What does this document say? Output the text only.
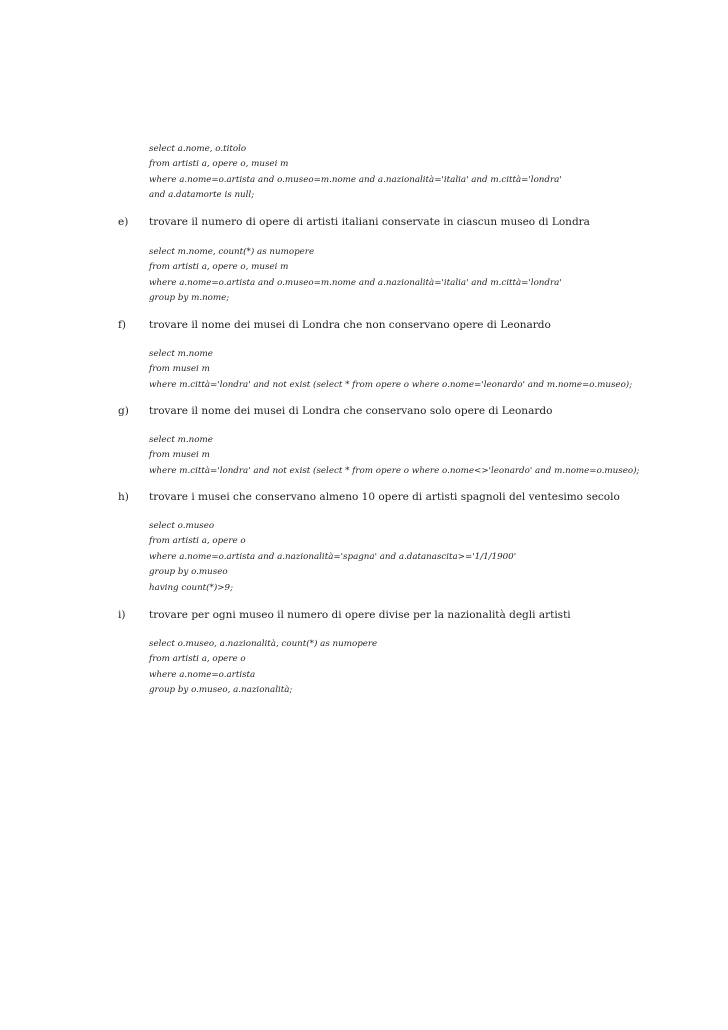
select a.nome, o.titolo
from artisti a, opere o, musei m
where a.nome=o.artista and o.museo=m.nome and a.nazionalità='italia' and m.città='londra'
and a.datamorte is null;
e) trovare il numero di opere di artisti italiani conservate in ciascun museo di Londra
select m.nome, count(*) as numopere
from artisti a, opere o, musei m
where a.nome=o.artista and o.museo=m.nome and a.nazionalità='italia' and m.città='londra'
group by m.nome;
f) trovare il nome dei musei di Londra che non conservano opere di Leonardo
select m.nome
from musei m
where m.città='londra' and not exist (select * from opere o where o.nome='leonardo' and m.nome=o.museo);
g) trovare il nome dei musei di Londra che conservano solo opere di Leonardo
select m.nome
from musei m
where m.città='londra' and not exist (select * from opere o where o.nome<>'leonardo' and m.nome=o.museo);
h) trovare i musei che conservano almeno 10 opere di artisti spagnoli del ventesimo secolo
select o.museo
from artisti a, opere o
where a.nome=o.artista and a.nazionalità='spagna' and a.datanascita>='1/1/1900'
group by o.museo
having count(*)>9;
i) trovare per ogni museo il numero di opere divise per la nazionalità degli artisti
select o.museo, a.nazionalità, count(*) as numopere
from artisti a, opere o
where a.nome=o.artista
group by o.museo, a.nazionalità;
